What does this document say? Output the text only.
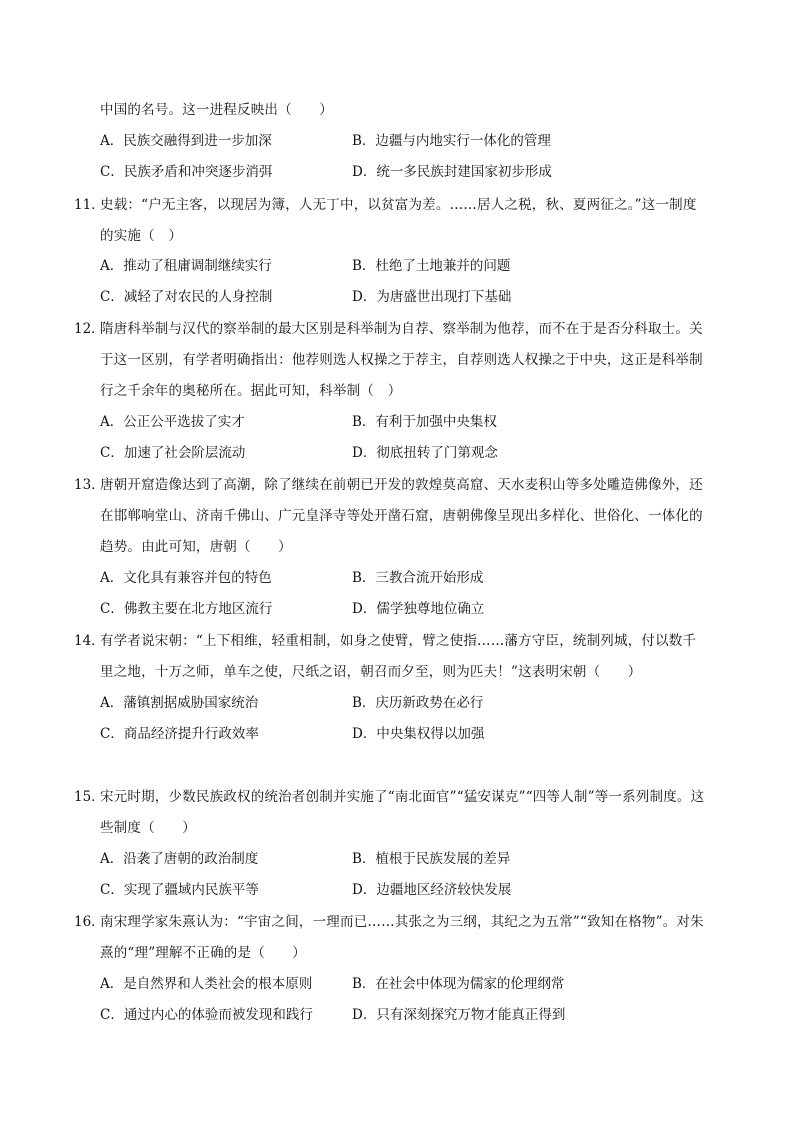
中国的名号。这一进程反映出（　　）
A．民族交融得到进一步加深	B．边疆与内地实行一体化的管理
C．民族矛盾和冲突逐步消弭	D．统一多民族封建国家初步形成
11．
史载：“户无主客，以现居为簿，人无丁中，以贫富为差。……居人之税，秋、夏两征之。”这一制度
的实施（　）
A．推动了租庸调制继续实行	B．杜绝了土地兼并的问题
C．减轻了对农民的人身控制	D．为唐盛世出现打下基础
12．
隋唐科举制与汉代的察举制的最大区别是科举制为自荐、察举制为他荐，而不在于是否分科取士。关
于这一区别，有学者明确指出：他荐则选人权操之于荐主，自荐则选人权操之于中央，这正是科举制
行之千余年的奥秘所在。据此可知，科举制（　）
A．公正公平选拔了实才	B．有利于加强中央集权
C．加速了社会阶层流动	D．彻底扭转了门第观念
13．
唐朝开窟造像达到了高潮，除了继续在前朝已开发的敦煌莫高窟、天水麦积山等多处雕造佛像外，还
在邯郸响堂山、济南千佛山、广元皇泽寺等处开凿石窟，唐朝佛像呈现出多样化、世俗化、一体化的
趋势。由此可知，唐朝（　　）
A．文化具有兼容并包的特色	B．三教合流开始形成
C．佛教主要在北方地区流行	D．儒学独尊地位确立
14．
有学者说宋朝：“上下相维，轻重相制，如身之使臂，臂之使指……藩方守臣，统制列城，付以数千
里之地，十万之师，单车之使，尺纸之诏，朝召而夕至，则为匹夫！”这表明宋朝（　　）
A．藩镇割据威胁国家统治	B．庆历新政势在必行
C．商品经济提升行政效率	D．中央集权得以加强
15．
宋元时期，少数民族政权的统治者创制并实施了“南北面官”“猛安谋克”“四等人制”等一系列制度。这
些制度（　　）
A．沿袭了唐朝的政治制度	B．植根于民族发展的差异
C．实现了疆域内民族平等	D．边疆地区经济较快发展
16．
南宋理学家朱熹认为：“宇宙之间，一理而已……其张之为三纲，其纪之为五常”“致知在格物”。对朱
熹的“理”理解不正确的是（　　）
A．是自然界和人类社会的根本原则	B．在社会中体现为儒家的伦理纲常
C．通过内心的体验而被发现和践行	D．只有深刻探究万物才能真正得到
